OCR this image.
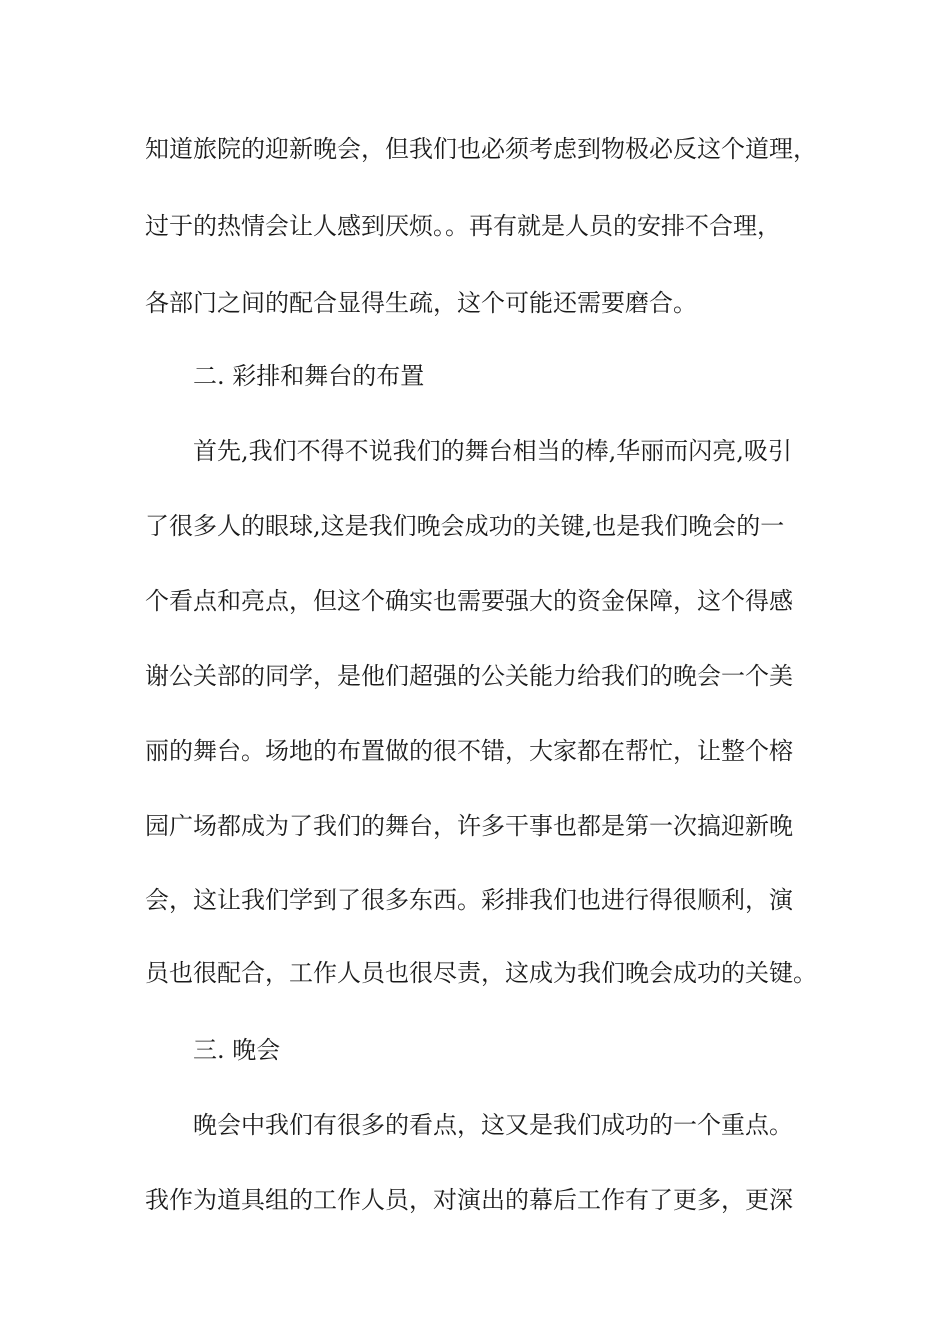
知道旅院的迎新晚会，但我们也必须考虑到物极必反这个道理，
过于的热情会让人感到厌烦。。再有就是人员的安排不合理，
各部门之间的配合显得生疏，这个可能还需要磨合。
二. 彩排和舞台的布置
首先,我们不得不说我们的舞台相当的棒,华丽而闪亮,吸引
了很多人的眼球,这是我们晚会成功的关键,也是我们晚会的一
个看点和亮点，但这个确实也需要强大的资金保障，这个得感
谢公关部的同学，是他们超强的公关能力给我们的晚会一个美
丽的舞台。场地的布置做的很不错，大家都在帮忙，让整个榕
园广场都成为了我们的舞台，许多干事也都是第一次搞迎新晚
会，这让我们学到了很多东西。彩排我们也进行得很顺利，演
员也很配合，工作人员也很尽责，这成为我们晚会成功的关键。
三. 晚会
晚会中我们有很多的看点，这又是我们成功的一个重点。
我作为道具组的工作人员，对演出的幕后工作有了更多，更深
